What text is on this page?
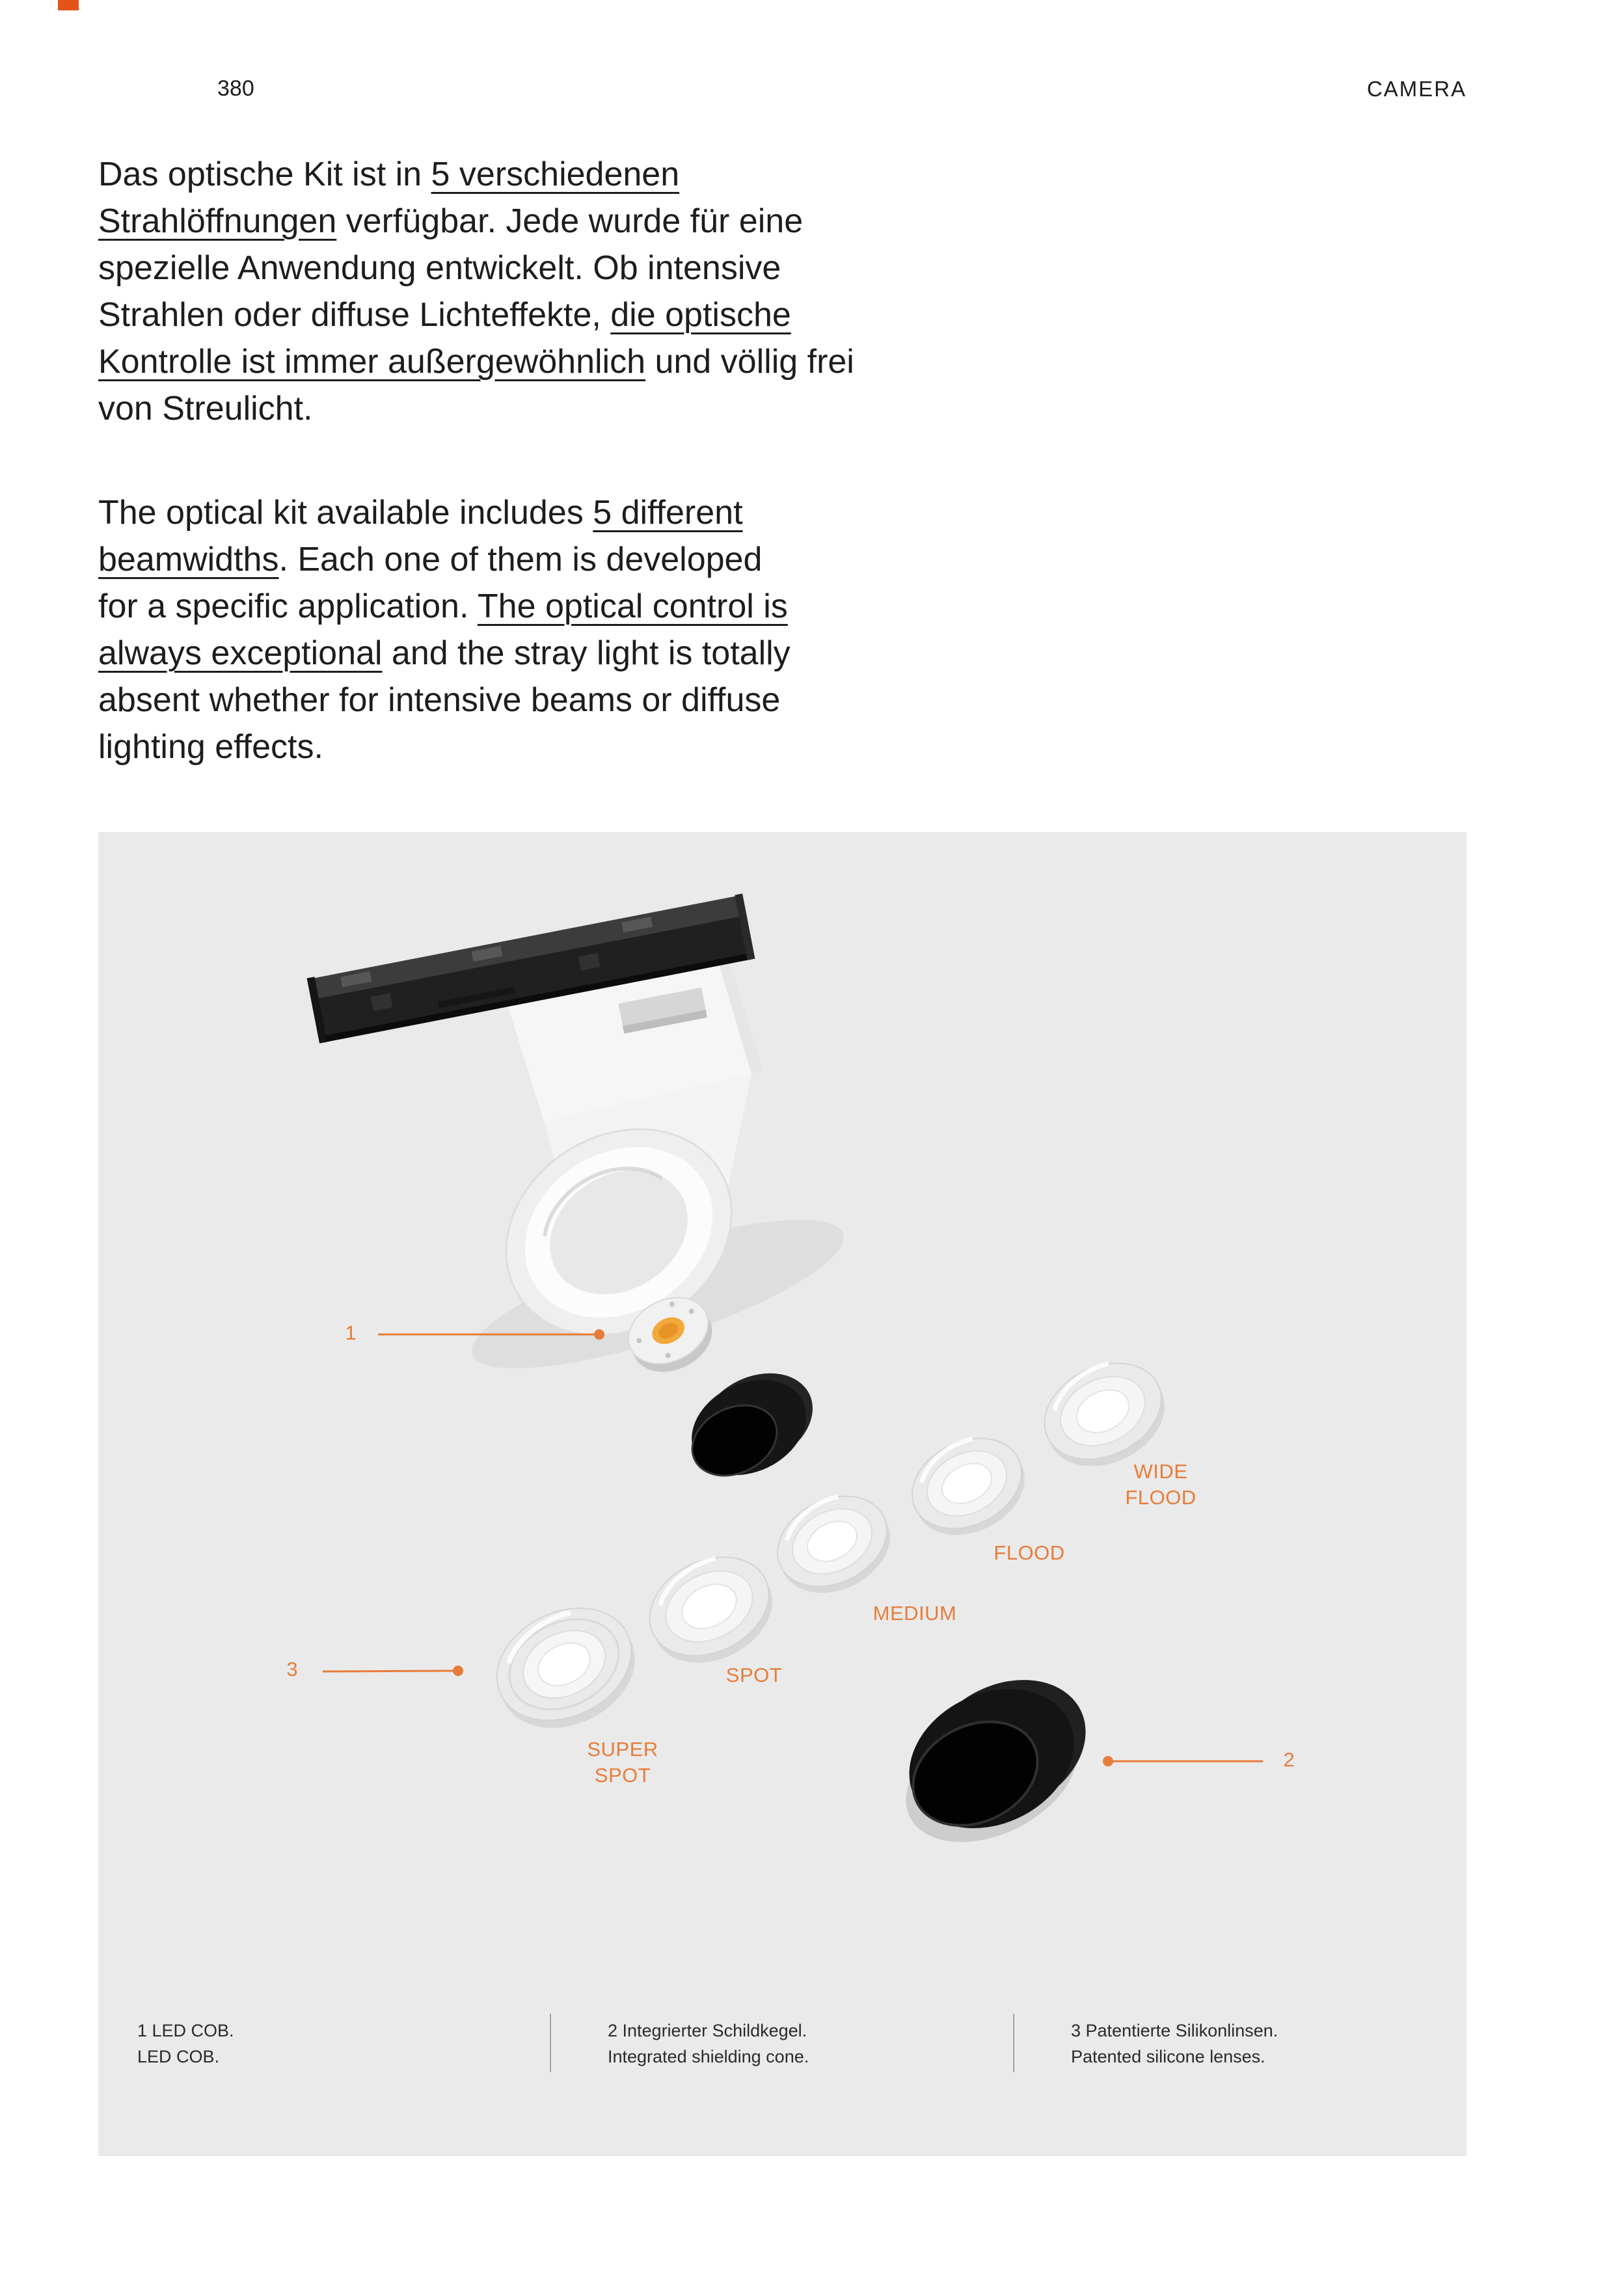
380	CAMERA
Das optische Kit ist in 5 verschiedenen
Strahlöffnungen verfügbar. Jede wurde für eine
spezielle Anwendung entwickelt. Ob intensive
Strahlen oder diffuse Lichteffekte, die optische
Kontrolle ist immer außergewöhnlich und völlig frei
von Streulicht.
The optical kit available includes 5 different
beamwidths. Each one of them is developed
for a specific application. The optical control is
always exceptional and the stray light is totally
absent whether for intensive beams or diffuse
lighting effects.
1
2
3
WIDE
FLOOD
FLOOD
MEDIUM
SPOT
SUPER
SPOT
1 LED COB.
LED COB.
2 Integrierter Schildkegel.
Integrated shielding cone.
3 Patentierte Silikonlinsen.
Patented silicone lenses.
